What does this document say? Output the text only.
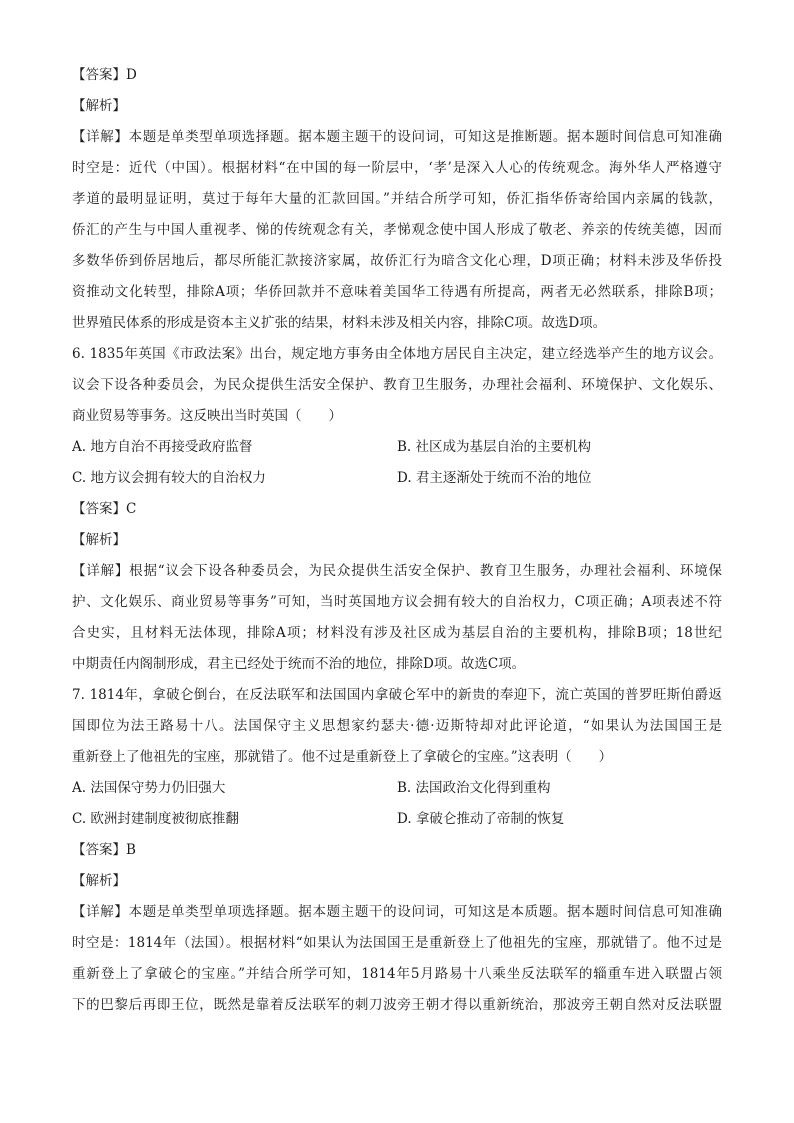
【答案】D
【解析】
【详解】本题是单类型单项选择题。据本题主题干的设问词，可知这是推断题。据本题时间信息可知准确
时空是：近代（中国）。根据材料“在中国的每一阶层中，‘孝’是深入人心的传统观念。海外华人严格遵守
孝道的最明显证明，莫过于每年大量的汇款回国。”并结合所学可知，侨汇指华侨寄给国内亲属的钱款，
侨汇的产生与中国人重视孝、悌的传统观念有关，孝悌观念使中国人形成了敬老、养亲的传统美德，因而
多数华侨到侨居地后，都尽所能汇款接济家属，故侨汇行为暗含文化心理，D项正确；材料未涉及华侨投
资推动文化转型，排除A项；华侨回款并不意味着美国华工待遇有所提高，两者无必然联系，排除B项；
世界殖民体系的形成是资本主义扩张的结果，材料未涉及相关内容，排除C项。故选D项。
6. 1835年英国《市政法案》出台，规定地方事务由全体地方居民自主决定，建立经选举产生的地方议会。
议会下设各种委员会，为民众提供生活安全保护、教育卫生服务，办理社会福利、环境保护、文化娱乐、
商业贸易等事务。这反映出当时英国（　　）
A. 地方自治不再接受政府监督	B. 社区成为基层自治的主要机构
C. 地方议会拥有较大的自治权力	D. 君主逐渐处于统而不治的地位
【答案】C
【解析】
【详解】根据“议会下设各种委员会，为民众提供生活安全保护、教育卫生服务，办理社会福利、环境保
护、文化娱乐、商业贸易等事务”可知，当时英国地方议会拥有较大的自治权力，C项正确；A项表述不符
合史实，且材料无法体现，排除A项；材料没有涉及社区成为基层自治的主要机构，排除B项；18世纪
中期责任内阁制形成，君主已经处于统而不治的地位，排除D项。故选C项。
7. 1814年，拿破仑倒台，在反法联军和法国国内拿破仑军中的新贵的奉迎下，流亡英国的普罗旺斯伯爵返
国即位为法王路易十八。法国保守主义思想家约瑟夫·德·迈斯特却对此评论道，“如果认为法国国王是
重新登上了他祖先的宝座，那就错了。他不过是重新登上了拿破仑的宝座。”这表明（　　）
A. 法国保守势力仍旧强大	B. 法国政治文化得到重构
C. 欧洲封建制度被彻底推翻	D. 拿破仑推动了帝制的恢复
【答案】B
【解析】
【详解】本题是单类型单项选择题。据本题主题干的设问词，可知这是本质题。据本题时间信息可知准确
时空是：1814年（法国）。根据材料“如果认为法国国王是重新登上了他祖先的宝座，那就错了。他不过是
重新登上了拿破仑的宝座。”并结合所学可知，1814年5月路易十八乘坐反法联军的辎重车进入联盟占领
下的巴黎后再即王位，既然是靠着反法联军的刺刀波旁王朝才得以重新统治，那波旁王朝自然对反法联盟
